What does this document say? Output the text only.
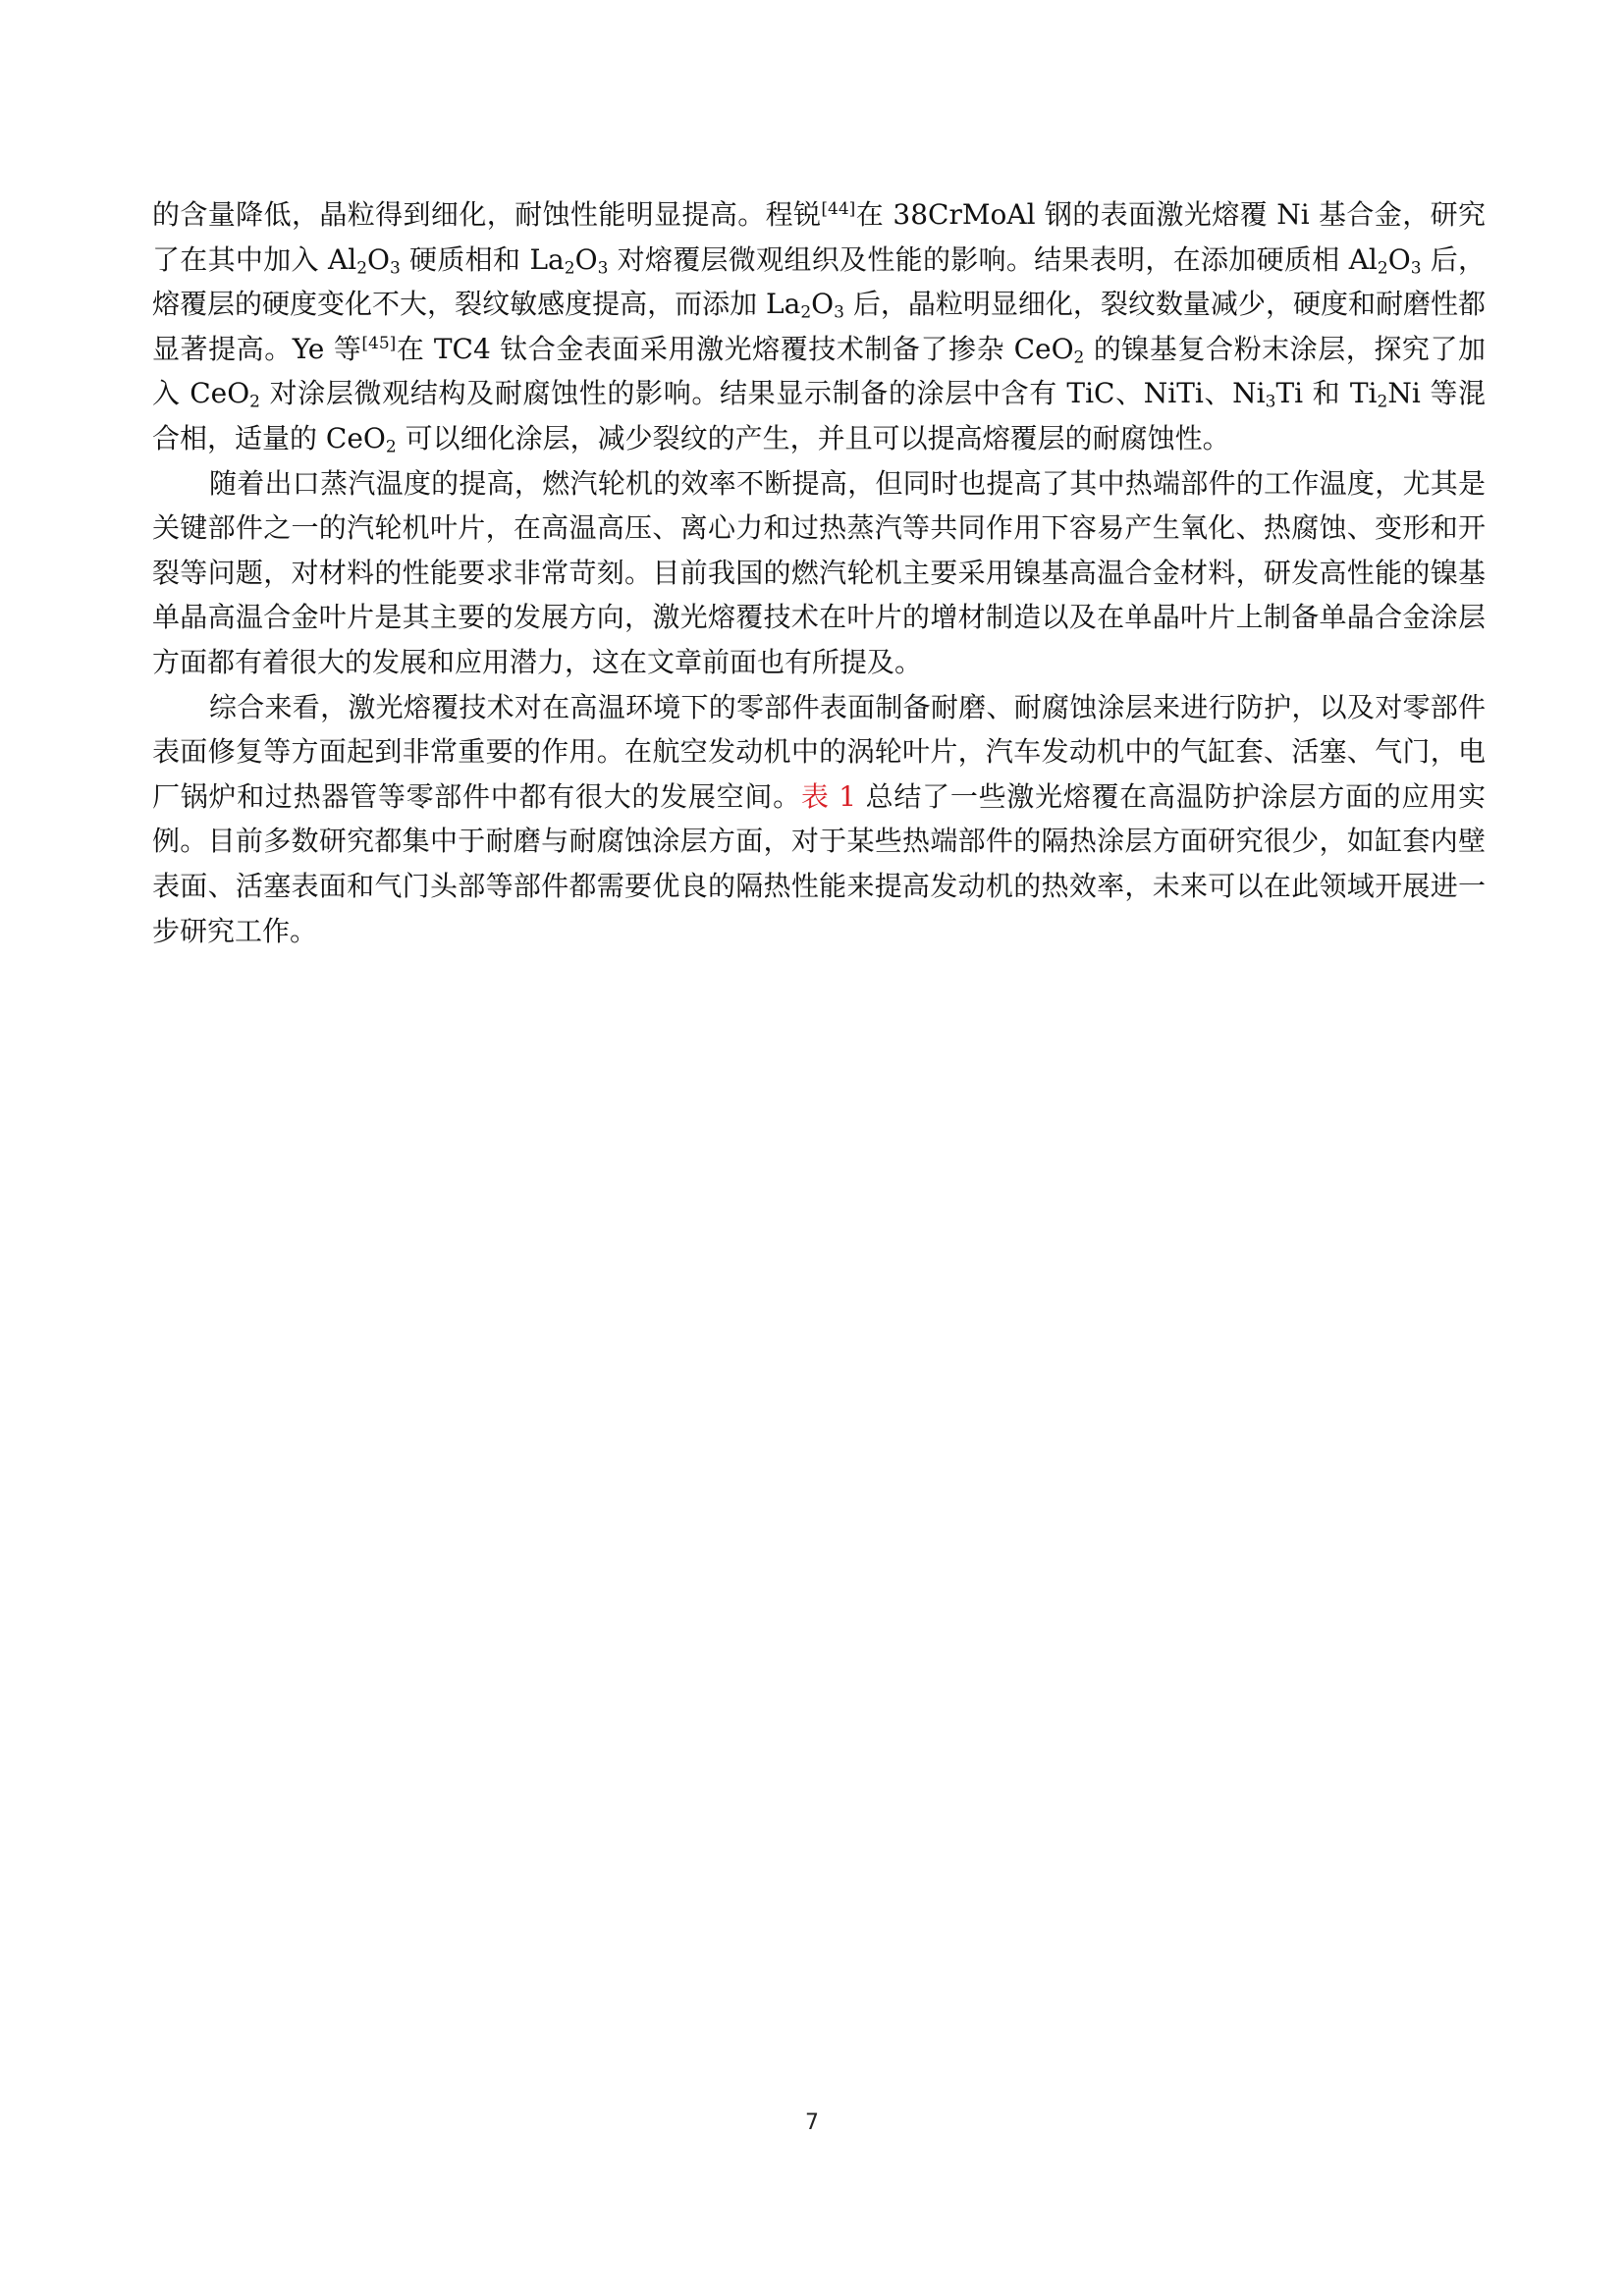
的含量降低，晶粒得到细化，耐蚀性能明显提高。程锐[44]在 38CrMoAl 钢的表面激光熔覆 Ni 基合金，研究了在其中加入 $Al_2O_3$ 硬质相和 $La_2O_3$ 对熔覆层微观组织及性能的影响。结果表明，在添加硬质相 $Al_2O_3$ 后，熔覆层的硬度变化不大，裂纹敏感度提高，而添加 $La_2O_3$ 后，晶粒明显细化，裂纹数量减少，硬度和耐磨性都显著提高。Ye 等[45]在 TC4 钛合金表面采用激光熔覆技术制备了掺杂 CeO$_2$ 的镍基复合粉末涂层，探究了加入 CeO$_2$ 对涂层微观结构及耐腐蚀性的影响。结果显示制备的涂层中含有 TiC、NiTi、$Ni_3Ti$ 和 $Ti_2Ni$ 等混合相，适量的 CeO$_2$ 可以细化涂层，减少裂纹的产生，并且可以提高熔覆层的耐腐蚀性。

随着出口蒸汽温度的提高，燃汽轮机的效率不断提高，但同时也提高了其中热端部件的工作温度，尤其是关键部件之一的汽轮机叶片，在高温高压、离心力和过热蒸汽等共同作用下容易产生氧化、热腐蚀、变形和开裂等问题，对材料的性能要求非常苛刻。目前我国的燃汽轮机主要采用镍基高温合金材料，研发高性能的镍基单晶高温合金叶片是其主要的发展方向，激光熔覆技术在叶片的增材制造以及在单晶叶片上制备单晶合金涂层方面都有着很大的发展和应用潜力，这在文章前面也有所提及。

综合来看，激光熔覆技术对在高温环境下的零部件表面制备耐磨、耐腐蚀涂层来进行防护，以及对零部件表面修复等方面起到非常重要的作用。在航空发动机中的涡轮叶片，汽车发动机中的气缸套、活塞、气门，电厂锅炉和过热器管等零部件中都有很大的发展空间。表 1 总结了一些激光熔覆在高温防护涂层方面的应用实例。目前多数研究都集中于耐磨与耐腐蚀涂层方面，对于某些热端部件的隔热涂层方面研究很少，如缸套内壁表面、活塞表面和气门头部等部件都需要优良的隔热性能来提高发动机的热效率，未来可以在此领域开展进一步研究工作。

7
